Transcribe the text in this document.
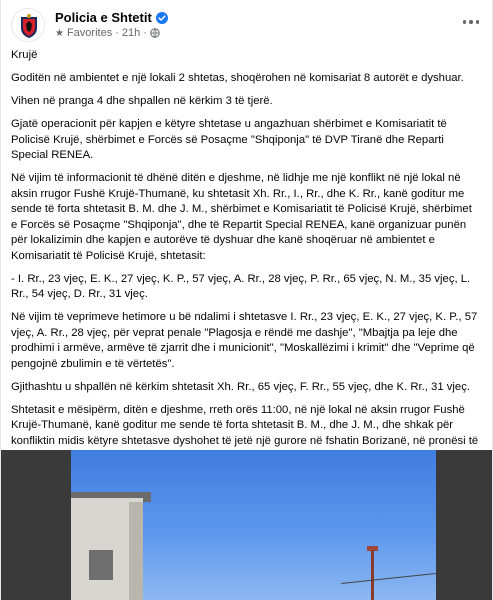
Policia e Shtetit
★ Favorites · 21h ·

Krujë

Goditën në ambientet e një lokali 2 shtetas, shoqërohen në komisariat 8 autorët e dyshuar.

Vihen në pranga 4 dhe shpallen në kërkim 3 të tjerë.

Gjatë operacionit për kapjen e këtyre shtetase u angazhuan shërbimet e Komisariatit të Policisë Krujë, shërbimet e Forcës së Posaçme "Shqiponja" të DVP Tiranë dhe Reparti Special RENEA.

Në vijim të informacionit të dhënë ditën e djeshme, në lidhje me një konflikt në një lokal në aksin rrugor Fushë Krujë-Thumanë, ku shtetasit Xh. Rr., I., Rr., dhe K. Rr., kanë goditur me sende të forta shtetasit B. M. dhe J. M., shërbimet e Komisariatit të Policisë Krujë, shërbimet e Forcës së Posaçme "Shqiponja", dhe të Repartit Special RENEA, kanë organizuar punën për lokalizimin dhe kapjen e autorëve të dyshuar dhe kanë shoqëruar në ambientet e Komisariatit të Policisë Krujë, shtetasit:

- I. Rr., 23 vjeç, E. K., 27 vjeç, K. P., 57 vjeç, A. Rr., 28 vjeç, P. Rr., 65 vjeç, N. M., 35 vjeç, L. Rr., 54 vjeç, D. Rr., 31 vjeç.

Në vijim të veprimeve hetimore u bë ndalimi i shtetasve I. Rr., 23 vjeç, E. K., 27 vjeç, K. P., 57 vjeç, A. Rr., 28 vjeç, për veprat penale "Plagosja e rëndë me dashje", "Mbajtja pa leje dhe prodhimi i armëve, armëve të zjarrit dhe i municionit", "Moskallëzimi i krimit" dhe "Veprime që pengojnë zbulimin e të vërtetës".

Gjithashtu u shpallën në kërkim shtetasit Xh. Rr., 65 vjeç, F. Rr., 55 vjeç, dhe K. Rr., 31 vjeç.

Shtetasit e mësipërm, ditën e djeshme, rreth orës 11:00, në një lokal në aksin rrugor Fushë Krujë-Thumanë, kanë goditur me sende të forta shtetasit B. M., dhe J. M., dhe shkak për konfliktin midis këtyre shtetasve dyshohet të jetë një gurore në fshatin Borizanë, në pronësi të
